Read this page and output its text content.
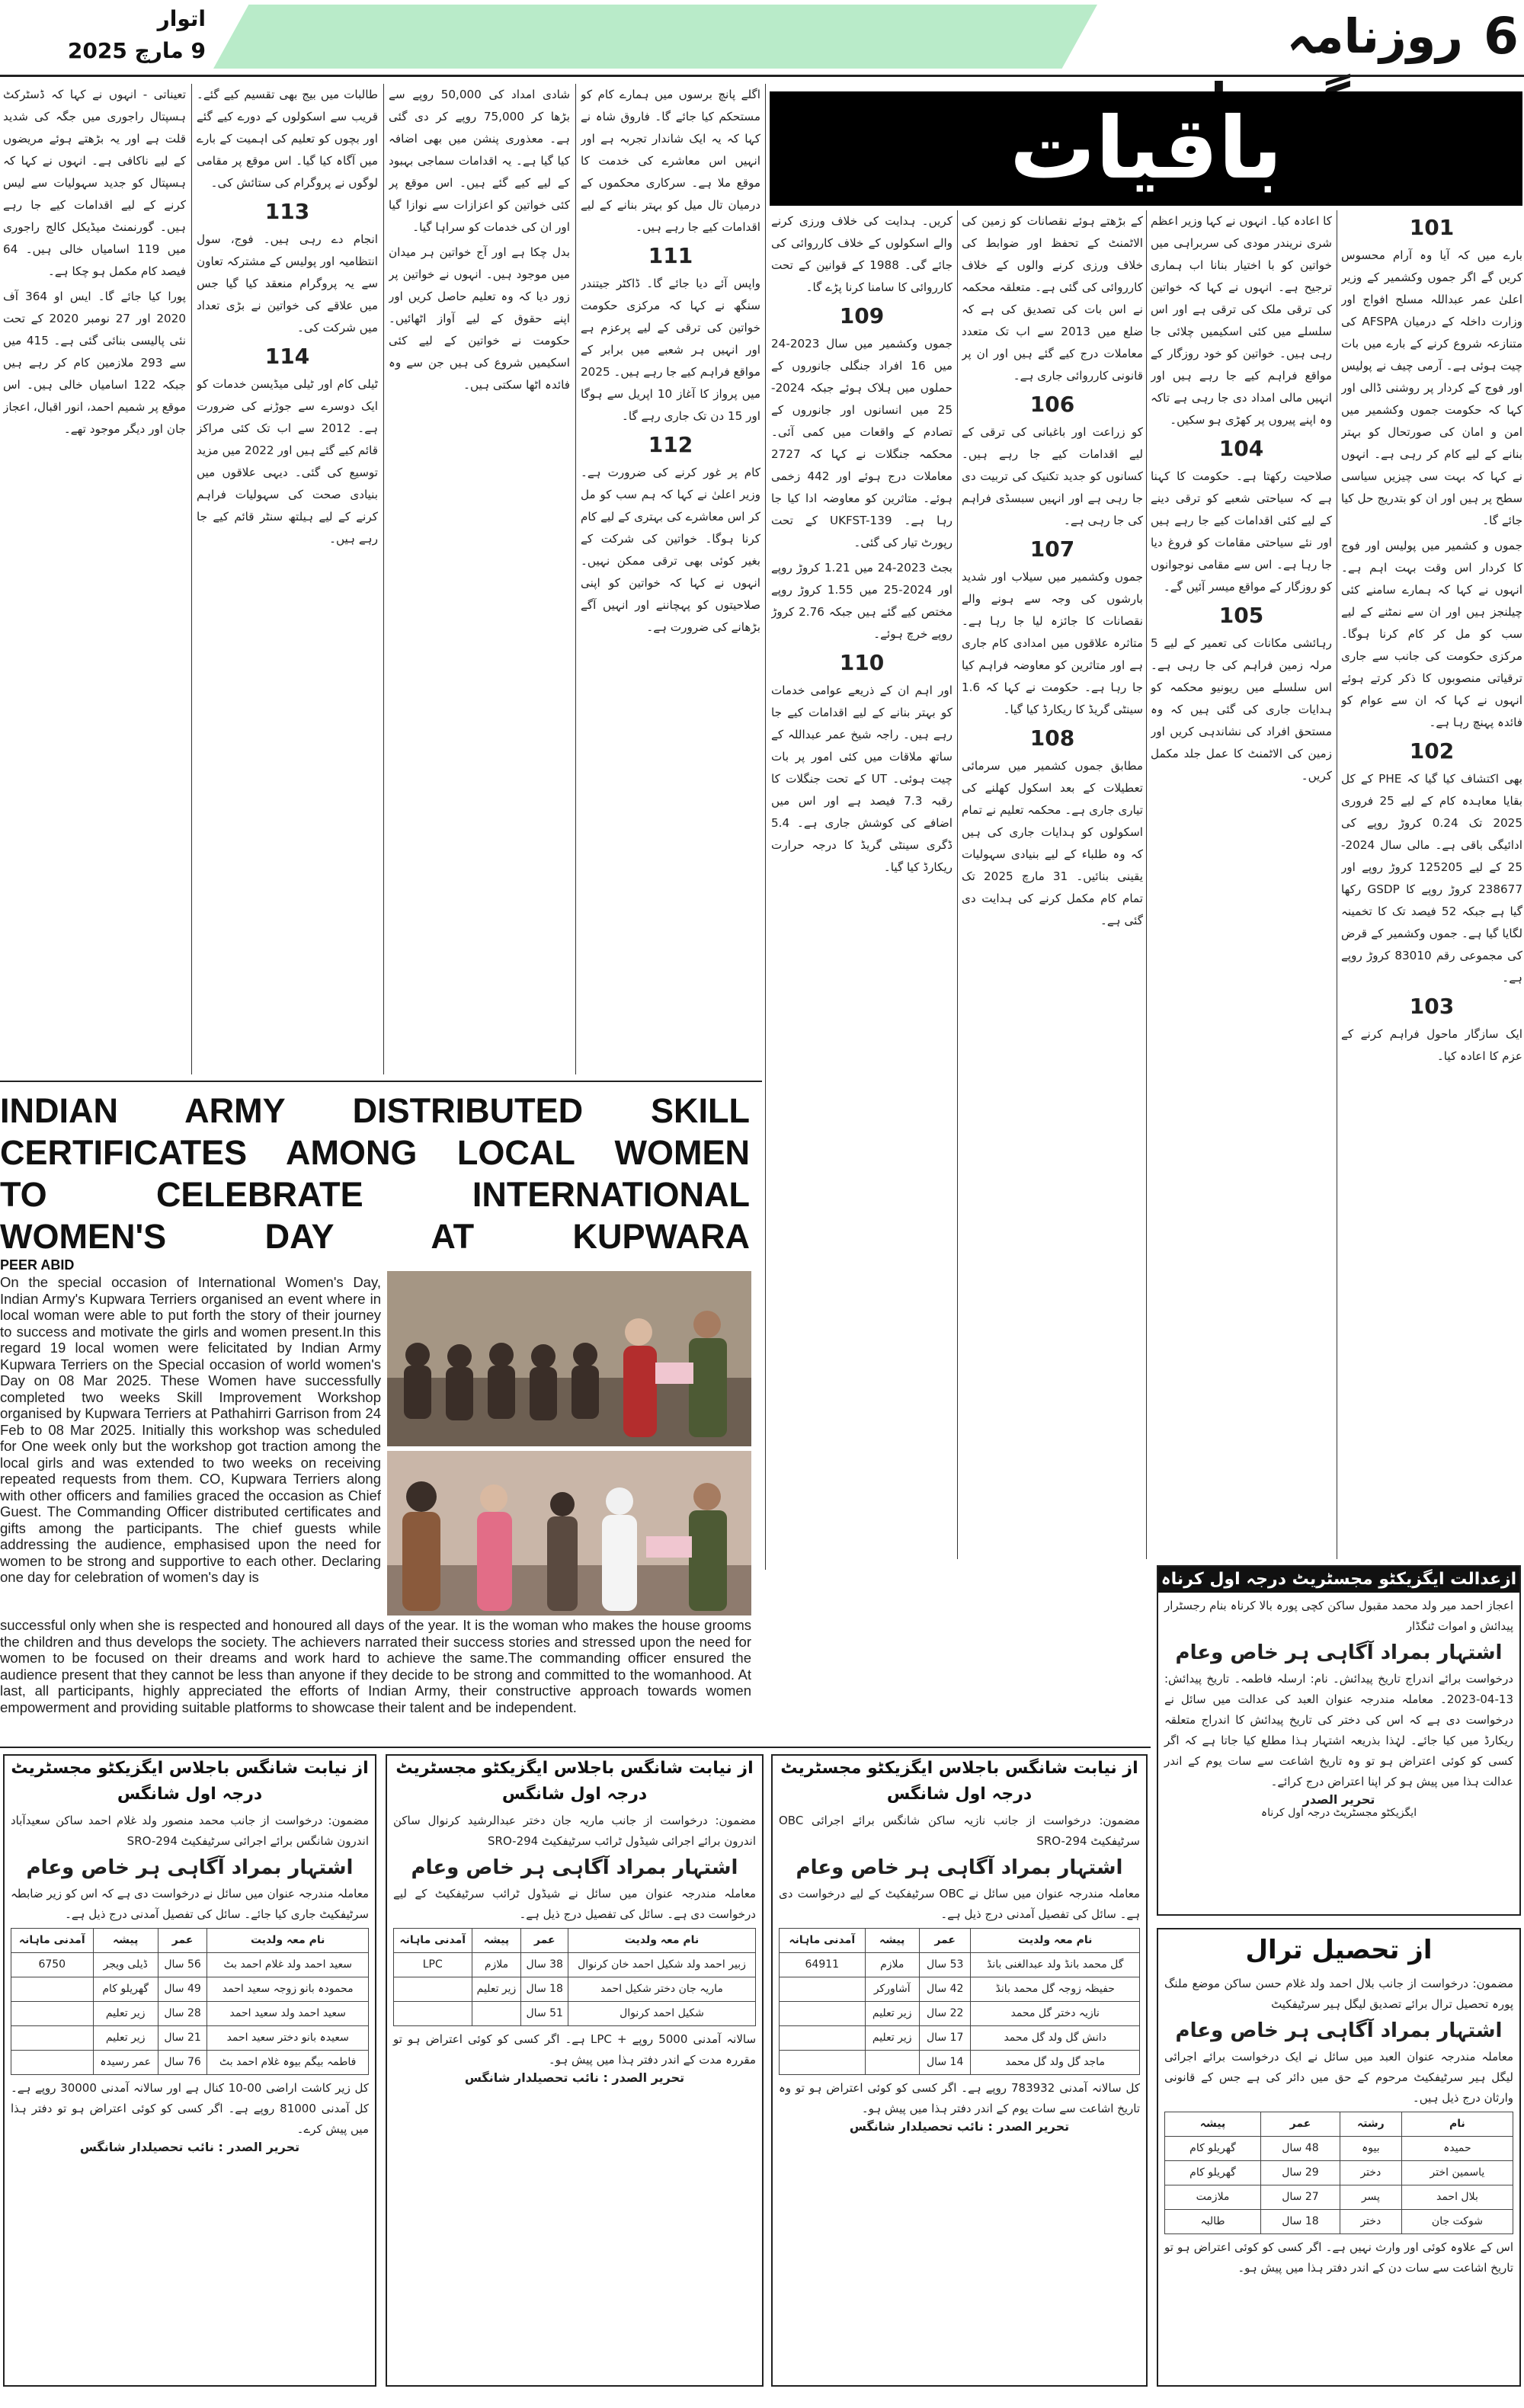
6
روزنامہ
اتوار
9 مارچ 2025
باقیات
101

بارے میں کہ آیا وہ آرام محسوس کریں گے اگر جموں وکشمیر کے وزیر اعلیٰ عمر عبداللہ مسلح افواج اور وزارت داخلہ کے درمیان AFSPA کی متنازعہ شروع کرنے کے بارے میں بات چیت ہوئی ہے۔ آرمی چیف نے پولیس اور فوج کے کردار پر روشنی ڈالی اور کہا کہ حکومت جموں وکشمیر میں امن و امان کی صورتحال کو بہتر بنانے کے لیے کام کر رہی ہے۔ انہوں نے کہا کہ بہت سی چیزیں سیاسی سطح پر ہیں اور ان کو بتدریج حل کیا جائے گا۔

جموں و کشمیر میں پولیس اور فوج کا کردار اس وقت بہت اہم ہے۔ انہوں نے کہا کہ ہمارے سامنے کئی چیلنجز ہیں اور ان سے نمٹنے کے لیے سب کو مل کر کام کرنا ہوگا۔ مرکزی حکومت کی جانب سے جاری ترقیاتی منصوبوں کا ذکر کرتے ہوئے انہوں نے کہا کہ ان سے عوام کو فائدہ پہنچ رہا ہے۔

102

بھی اکتشاف کیا گیا کہ PHE کے کل بقایا معاہدہ کام کے لیے 25 فروری 2025 تک 0.24 کروڑ روپے کی ادائیگی باقی ہے۔ مالی سال 2024-25 کے لیے 125205 کروڑ روپے اور 238677 کروڑ روپے کا GSDP رکھا گیا ہے جبکہ 52 فیصد تک کا تخمینہ لگایا گیا ہے۔ جموں وکشمیر کے قرض کی مجموعی رقم 83010 کروڑ روپے ہے۔

103

ایک سازگار ماحول فراہم کرنے کے عزم کا اعادہ کیا۔

کا اعادہ کیا۔ انہوں نے کہا وزیر اعظم شری نریندر مودی کی سربراہی میں خواتین کو با اختیار بنانا اب ہماری ترجیح ہے۔ انہوں نے کہا کہ خواتین کی ترقی ملک کی ترقی ہے اور اس سلسلے میں کئی اسکیمیں چلائی جا رہی ہیں۔ خواتین کو خود روزگار کے مواقع فراہم کیے جا رہے ہیں اور انہیں مالی امداد دی جا رہی ہے تاکہ وہ اپنے پیروں پر کھڑی ہو سکیں۔

104

صلاحیت رکھتا ہے۔ حکومت کا کہنا ہے کہ سیاحتی شعبے کو ترقی دینے کے لیے کئی اقدامات کیے جا رہے ہیں اور نئے سیاحتی مقامات کو فروغ دیا جا رہا ہے۔ اس سے مقامی نوجوانوں کو روزگار کے مواقع میسر آئیں گے۔

105

رہائشی مکانات کی تعمیر کے لیے 5 مرلہ زمین فراہم کی جا رہی ہے۔ اس سلسلے میں ریونیو محکمہ کو ہدایات جاری کی گئی ہیں کہ وہ مستحق افراد کی نشاندہی کریں اور زمین کی الاٹمنٹ کا عمل جلد مکمل کریں۔

کے بڑھتے ہوئے نقصانات کو زمین کی الاٹمنٹ کے تحفظ اور ضوابط کی خلاف ورزی کرنے والوں کے خلاف کارروائی کی گئی ہے۔ متعلقہ محکمہ نے اس بات کی تصدیق کی ہے کہ ضلع میں 2013 سے اب تک متعدد معاملات درج کیے گئے ہیں اور ان پر قانونی کارروائی جاری ہے۔

106

کو زراعت اور باغبانی کی ترقی کے لیے اقدامات کیے جا رہے ہیں۔ کسانوں کو جدید تکنیک کی تربیت دی جا رہی ہے اور انہیں سبسڈی فراہم کی جا رہی ہے۔

107

جموں وکشمیر میں سیلاب اور شدید بارشوں کی وجہ سے ہونے والے نقصانات کا جائزہ لیا جا رہا ہے۔ متاثرہ علاقوں میں امدادی کام جاری ہے اور متاثرین کو معاوضہ فراہم کیا جا رہا ہے۔ حکومت نے کہا کہ 1.6 سینٹی گریڈ کا ریکارڈ کیا گیا۔

108

مطابق جموں کشمیر میں سرمائی تعطیلات کے بعد اسکول کھلنے کی تیاری جاری ہے۔ محکمہ تعلیم نے تمام اسکولوں کو ہدایات جاری کی ہیں کہ وہ طلباء کے لیے بنیادی سہولیات یقینی بنائیں۔ 31 مارچ 2025 تک تمام کام مکمل کرنے کی ہدایت دی گئی ہے۔

کریں۔ ہدایت کی خلاف ورزی کرنے والے اسکولوں کے خلاف کارروائی کی جائے گی۔ 1988 کے قوانین کے تحت کارروائی کا سامنا کرنا پڑے گا۔

109

جموں وکشمیر میں سال 2023-24 میں 16 افراد جنگلی جانوروں کے حملوں میں ہلاک ہوئے جبکہ 2024-25 میں انسانوں اور جانوروں کے تصادم کے واقعات میں کمی آئی۔ محکمہ جنگلات نے کہا کہ 2727 معاملات درج ہوئے اور 442 زخمی ہوئے۔ متاثرین کو معاوضہ ادا کیا جا رہا ہے۔ UKFST-139 کے تحت رپورٹ تیار کی گئی۔

بجٹ 2023-24 میں 1.21 کروڑ روپے اور 2024-25 میں 1.55 کروڑ روپے مختص کیے گئے ہیں جبکہ 2.76 کروڑ روپے خرچ ہوئے۔

110

اور اہم ان کے ذریعے عوامی خدمات کو بہتر بنانے کے لیے اقدامات کیے جا رہے ہیں۔ راجہ شیخ عمر عبداللہ کے ساتھ ملاقات میں کئی امور پر بات چیت ہوئی۔ UT کے تحت جنگلات کا رقبہ 7.3 فیصد ہے اور اس میں اضافے کی کوشش جاری ہے۔ 5.4 ڈگری سینٹی گریڈ کا درجہ حرارت ریکارڈ کیا گیا۔

اگلے پانچ برسوں میں ہمارے کام کو مستحکم کیا جائے گا۔ فاروق شاہ نے کہا کہ یہ ایک شاندار تجربہ ہے اور انہیں اس معاشرے کی خدمت کا موقع ملا ہے۔ سرکاری محکموں کے درمیان تال میل کو بہتر بنانے کے لیے اقدامات کیے جا رہے ہیں۔

111

واپس آئے دیا جائے گا۔ ڈاکٹر جیتندر سنگھ نے کہا کہ مرکزی حکومت خواتین کی ترقی کے لیے پرعزم ہے اور انہیں ہر شعبے میں برابر کے مواقع فراہم کیے جا رہے ہیں۔ 2025 میں پرواز کا آغاز 10 اپریل سے ہوگا اور 15 دن تک جاری رہے گا۔

112

کام پر غور کرنے کی ضرورت ہے۔ وزیر اعلیٰ نے کہا کہ ہم سب کو مل کر اس معاشرے کی بہتری کے لیے کام کرنا ہوگا۔ خواتین کی شرکت کے بغیر کوئی بھی ترقی ممکن نہیں۔ انہوں نے کہا کہ خواتین کو اپنی صلاحیتوں کو پہچاننے اور انہیں آگے بڑھانے کی ضرورت ہے۔

شادی امداد کی 50,000 روپے سے بڑھا کر 75,000 روپے کر دی گئی ہے۔ معذوری پنشن میں بھی اضافہ کیا گیا ہے۔ یہ اقدامات سماجی بہبود کے لیے کیے گئے ہیں۔ اس موقع پر کئی خواتین کو اعزازات سے نوازا گیا اور ان کی خدمات کو سراہا گیا۔

بدل چکا ہے اور آج خواتین ہر میدان میں موجود ہیں۔ انہوں نے خواتین پر زور دیا کہ وہ تعلیم حاصل کریں اور اپنے حقوق کے لیے آواز اٹھائیں۔ حکومت نے خواتین کے لیے کئی اسکیمیں شروع کی ہیں جن سے وہ فائدہ اٹھا سکتی ہیں۔

طالبات میں بیج بھی تقسیم کیے گئے۔ قریب سے اسکولوں کے دورے کیے گئے اور بچوں کو تعلیم کی اہمیت کے بارے میں آگاہ کیا گیا۔ اس موقع پر مقامی لوگوں نے پروگرام کی ستائش کی۔

113

انجام دے رہی ہیں۔ فوج، سول انتظامیہ اور پولیس کے مشترکہ تعاون سے یہ پروگرام منعقد کیا گیا جس میں علاقے کی خواتین نے بڑی تعداد میں شرکت کی۔

114

ٹیلی کام اور ٹیلی میڈیسن خدمات کو ایک دوسرے سے جوڑنے کی ضرورت ہے۔ 2012 سے اب تک کئی مراکز قائم کیے گئے ہیں اور 2022 میں مزید توسیع کی گئی۔ دیہی علاقوں میں بنیادی صحت کی سہولیات فراہم کرنے کے لیے ہیلتھ سنٹر قائم کیے جا رہے ہیں۔

تعیناتی - انہوں نے کہا کہ ڈسٹرکٹ ہسپتال راجوری میں جگہ کی شدید قلت ہے اور یہ بڑھتے ہوئے مریضوں کے لیے ناکافی ہے۔ انہوں نے کہا کہ ہسپتال کو جدید سہولیات سے لیس کرنے کے لیے اقدامات کیے جا رہے ہیں۔ گورنمنٹ میڈیکل کالج راجوری میں 119 اسامیاں خالی ہیں۔ 64 فیصد کام مکمل ہو چکا ہے۔

پورا کیا جائے گا۔ ایس او 364 آف 2020 اور 27 نومبر 2020 کے تحت نئی پالیسی بنائی گئی ہے۔ 415 میں سے 293 ملازمین کام کر رہے ہیں جبکہ 122 اسامیاں خالی ہیں۔ اس موقع پر شمیم احمد، انور اقبال، اعجاز جان اور دیگر موجود تھے۔

INDIAN ARMY DISTRIBUTED SKILL
CERTIFICATES AMONG LOCAL WOMEN
TO CELEBRATE INTERNATIONAL
WOMEN'S DAY AT KUPWARA
PEER ABID
On the special occasion of International Women's Day, Indian Army's Kupwara Terriers organised an event where in local woman were able to put forth the story of their journey to success and motivate the girls and women present.In this regard 19 local women were felicitated by Indian Army Kupwara Terriers on the Special occasion of world women's Day on 08 Mar 2025. These Women have successfully completed two weeks Skill Improvement Workshop organised by Kupwara Terriers at Pathahirri Garrison from 24 Feb to 08 Mar 2025. Initially this workshop was scheduled for One week only but the workshop got traction among the local girls and was extended to two weeks on receiving repeated requests from them. CO, Kupwara Terriers along with other officers and families graced the occasion as Chief Guest. The Commanding Officer distributed certificates and gifts among the participants. The chief guests while addressing the audience, emphasised upon the need for women to be strong and supportive to each other. Declaring one day for celebration of women's day is
successful only when she is respected and honoured all days of the year. It is the woman who makes the house grooms the children and thus develops the society. The achievers narrated their success stories and stressed upon the need for women to be focused on their dreams and work hard to achieve the same.The commanding officer ensured the audience present that they cannot be less than anyone if they decide to be strong and committed to the womanhood. At last, all participants, highly appreciated the efforts of Indian Army, their constructive approach towards women empowerment and providing suitable platforms to showcase their talent and be independent.
از نیابت شانگس باجلاس ایگزیکٹو مجسٹریٹ درجہ اول شانگس

مضمون: درخواست از جانب محمد منصور ولد غلام احمد ساکن سعیدآباد اندرون شانگس برائے اجرائی سرٹیفکیٹ SRO-294

اشتہار بمراد آگاہی ہر خاص وعام

معاملہ مندرجہ عنوان میں سائل نے درخواست دی ہے کہ اس کو زیر ضابطہ سرٹیفکیٹ جاری کیا جائے۔ سائل کی تفصیل آمدنی درج ذیل ہے۔

نام معہ ولدیت	عمر	پیشہ	آمدنی ماہانہ
سعید احمد ولد غلام احمد بٹ	56 سال	ڈیلی ویجر	6750
محمودہ بانو زوجہ سعید احمد	49 سال	گھریلو کام	
سعید احمد ولد سعید احمد	28 سال	زیر تعلیم	
سعیدہ بانو دختر سعید احمد	21 سال	زیر تعلیم	
فاطمہ بیگم بیوہ غلام احمد بٹ	76 سال	عمر رسیدہ	

کل زیر کاشت اراضی 00-10 کنال ہے اور سالانہ آمدنی 30000 روپے ہے۔ کل آمدنی 81000 روپے ہے۔ اگر کسی کو کوئی اعتراض ہو تو دفتر ہذا میں پیش کرے۔

تحریر الصدر : نائب تحصیلدار شانگس
از نیابت شانگس باجلاس ایگزیکٹو مجسٹریٹ درجہ اول شانگس

مضمون: درخواست از جانب ماریہ جان دختر عبدالرشید کرنوال ساکن اندرون برائے اجرائی شیڈول ٹرائب سرٹیفکیٹ SRO-294

اشتہار بمراد آگاہی ہر خاص وعام

معاملہ مندرجہ عنوان میں سائل نے شیڈول ٹرائب سرٹیفکیٹ کے لیے درخواست دی ہے۔ سائل کی تفصیل درج ذیل ہے۔

نام معہ ولدیت	عمر	پیشہ	آمدنی ماہانہ
زبیر احمد ولد شکیل احمد خان کرنوال	38 سال	ملازم	LPC
ماریہ جان دختر شکیل احمد	18 سال	زیر تعلیم	
شکیل احمد کرنوال	51 سال		

سالانہ آمدنی 5000 روپے + LPC ہے۔ اگر کسی کو کوئی اعتراض ہو تو مقررہ مدت کے اندر دفتر ہذا میں پیش ہو۔

تحریر الصدر : نائب تحصیلدار شانگس
از نیابت شانگس باجلاس ایگزیکٹو مجسٹریٹ درجہ اول شانگس

مضمون: درخواست از جانب نازیہ ساکن شانگس برائے اجرائی OBC سرٹیفکیٹ SRO-294

اشتہار بمراد آگاہی ہر خاص وعام

معاملہ مندرجہ عنوان میں سائل نے OBC سرٹیفکیٹ کے لیے درخواست دی ہے۔ سائل کی تفصیل آمدنی درج ذیل ہے۔

نام معہ ولدیت	عمر	پیشہ	آمدنی ماہانہ
گل محمد بانڈ ولد عبدالغنی بانڈ	53 سال	ملازم	64911
حفیظہ زوجہ گل محمد بانڈ	42 سال	آشاورکر	
نازیہ دختر گل محمد	22 سال	زیر تعلیم	
دانش گل ولد گل محمد	17 سال	زیر تعلیم	
ماجد گل ولد گل محمد	14 سال		

کل سالانہ آمدنی 783932 روپے ہے۔ اگر کسی کو کوئی اعتراض ہو تو وہ تاریخ اشاعت سے سات یوم کے اندر دفتر ہذا میں پیش ہو۔

تحریر الصدر : نائب تحصیلدار شانگس
ازعدالت ایگزیکٹو مجسٹریٹ درجہ اول کرناہ

اعجاز احمد میر ولد محمد مقبول ساکن کچی پورہ بالا کرناہ بنام رجسٹرار پیدائش و اموات ٹنگڈار

اشتہار بمراد آگاہی ہر خاص وعام

درخواست برائے اندراج تاریخ پیدائش۔ نام: ارسلہ فاطمہ۔ تاریخ پیدائش: 13-04-2023۔ معاملہ مندرجہ عنوان العبد کی عدالت میں سائل نے درخواست دی ہے کہ اس کی دختر کی تاریخ پیدائش کا اندراج متعلقہ ریکارڈ میں کیا جائے۔ لہٰذا بذریعہ اشتہار ہذا مطلع کیا جاتا ہے کہ اگر کسی کو کوئی اعتراض ہو تو وہ تاریخ اشاعت سے سات یوم کے اندر عدالت ہذا میں پیش ہو کر اپنا اعتراض درج کرائے۔

تحریر الصدر
ایگزیکٹو مجسٹریٹ درجہ اول کرناہ
از تحصیل ترال

مضمون: درخواست از جانب بلال احمد ولد غلام حسن ساکن موضع ملنگ پورہ تحصیل ترال برائے تصدیق لیگل ہیر سرٹیفکیٹ

اشتہار بمراد آگاہی ہر خاص وعام

معاملہ مندرجہ عنوان العبد میں سائل نے ایک درخواست برائے اجرائی لیگل ہیر سرٹیفکیٹ مرحوم کے حق میں دائر کی ہے جس کے قانونی وارثان درج ذیل ہیں۔

نام	رشتہ	عمر	پیشہ
حمیدہ	بیوہ	48 سال	گھریلو کام
یاسمین اختر	دختر	29 سال	گھریلو کام
بلال احمد	پسر	27 سال	ملازمت
شوکت جان	دختر	18 سال	طالبہ

اس کے علاوہ کوئی اور وارث نہیں ہے۔ اگر کسی کو کوئی اعتراض ہو تو تاریخ اشاعت سے سات دن کے اندر دفتر ہذا میں پیش ہو۔
